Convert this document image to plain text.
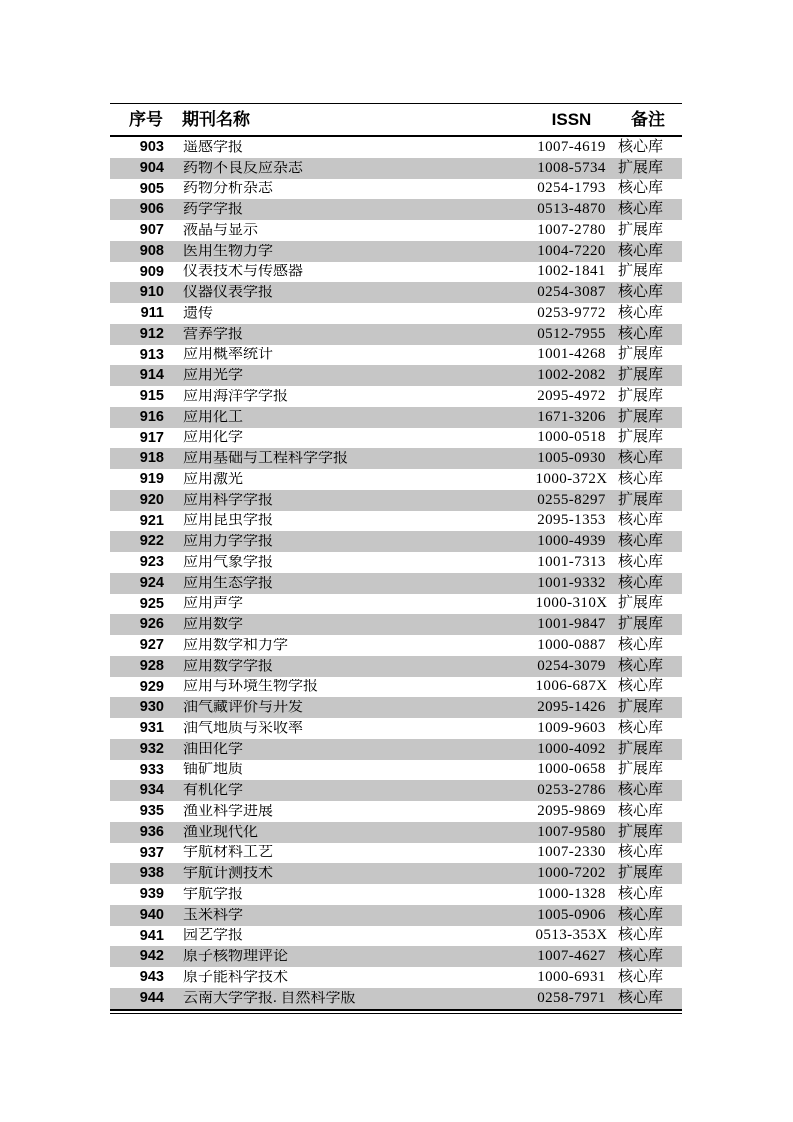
序号	期刊名称	ISSN	备注
903	遥感学报	1007-4619 核心库
904	药物不良反应杂志	1008-5734 扩展库
905	药物分析杂志	0254-1793 核心库
906	药学学报	0513-4870 核心库
907	液晶与显示	1007-2780 扩展库
908	医用生物力学	1004-7220 核心库
909	仪表技术与传感器	1002-1841 扩展库
910	仪器仪表学报	0254-3087 核心库
911	遗传	0253-9772 核心库
912	营养学报	0512-7955 核心库
913	应用概率统计	1001-4268 扩展库
914	应用光学	1002-2082 扩展库
915	应用海洋学学报	2095-4972 扩展库
916	应用化工	1671-3206 扩展库
917	应用化学	1000-0518 扩展库
918	应用基础与工程科学学报	1005-0930 核心库
919	应用激光	1000-372X 核心库
920	应用科学学报	0255-8297 扩展库
921	应用昆虫学报	2095-1353 核心库
922	应用力学学报	1000-4939 核心库
923	应用气象学报	1001-7313 核心库
924	应用生态学报	1001-9332 核心库
925	应用声学	1000-310X 扩展库
926	应用数学	1001-9847 扩展库
927	应用数学和力学	1000-0887 核心库
928	应用数学学报	0254-3079 核心库
929	应用与环境生物学报	1006-687X 核心库
930	油气藏评价与开发	2095-1426 扩展库
931	油气地质与采收率	1009-9603 核心库
932	油田化学	1000-4092 扩展库
933	铀矿地质	1000-0658 扩展库
934	有机化学	0253-2786 核心库
935	渔业科学进展	2095-9869 核心库
936	渔业现代化	1007-9580 扩展库
937	宇航材料工艺	1007-2330 核心库
938	宇航计测技术	1000-7202 扩展库
939	宇航学报	1000-1328 核心库
940	玉米科学	1005-0906 核心库
941	园艺学报	0513-353X 核心库
942	原子核物理评论	1007-4627 核心库
943	原子能科学技术	1000-6931 核心库
944	云南大学学报. 自然科学版	0258-7971 核心库
